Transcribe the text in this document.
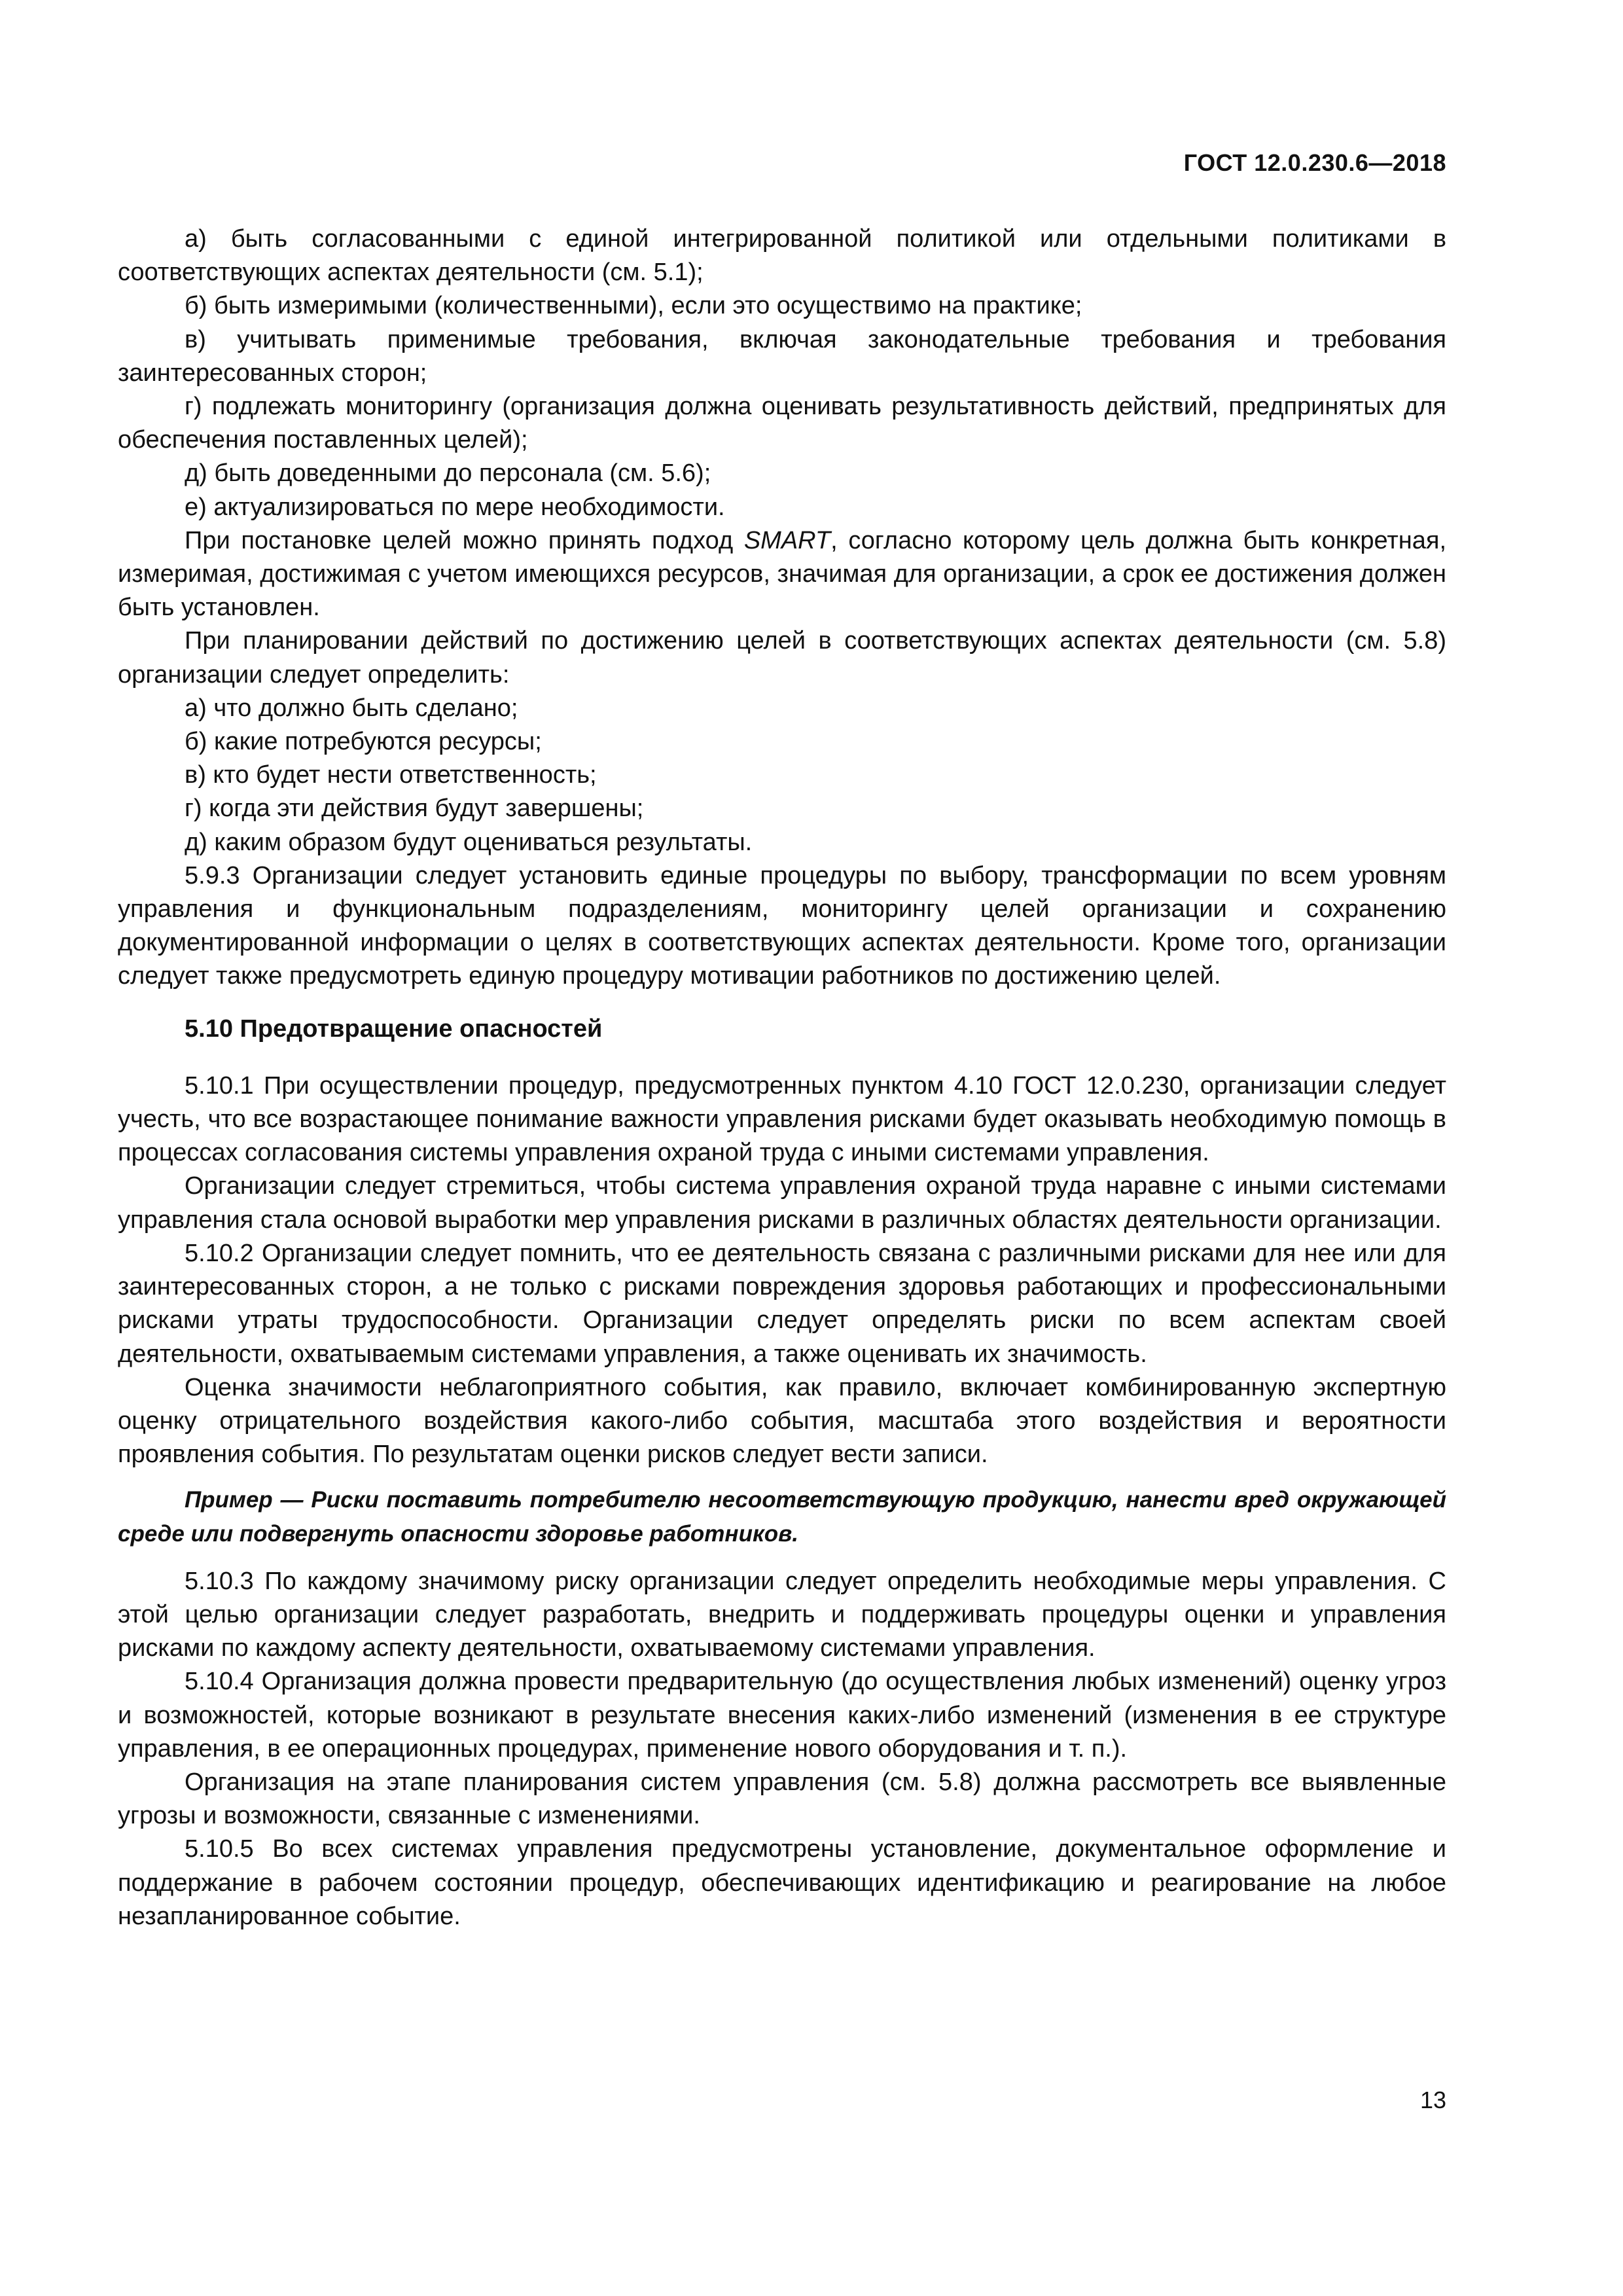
ГОСТ 12.0.230.6—2018

а) быть согласованными с единой интегрированной политикой или отдельными политиками в соответствующих аспектах деятельности (см. 5.1);

б) быть измеримыми (количественными), если это осуществимо на практике;

в) учитывать применимые требования, включая законодательные требования и требования заинтересованных сторон;

г) подлежать мониторингу (организация должна оценивать результативность действий, предпринятых для обеспечения поставленных целей);

д) быть доведенными до персонала (см. 5.6);

е) актуализироваться по мере необходимости.

При постановке целей можно принять подход SMART, согласно которому цель должна быть конкретная, измеримая, достижимая с учетом имеющихся ресурсов, значимая для организации, а срок ее достижения должен быть установлен.

При планировании действий по достижению целей в соответствующих аспектах деятельности (см. 5.8) организации следует определить:

а) что должно быть сделано;

б) какие потребуются ресурсы;

в) кто будет нести ответственность;

г) когда эти действия будут завершены;

д) каким образом будут оцениваться результаты.

5.9.3 Организации следует установить единые процедуры по выбору, трансформации по всем уровням управления и функциональным подразделениям, мониторингу целей организации и сохранению документированной информации о целях в соответствующих аспектах деятельности. Кроме того, организации следует также предусмотреть единую процедуру мотивации работников по достижению целей.

5.10 Предотвращение опасностей

5.10.1 При осуществлении процедур, предусмотренных пунктом 4.10 ГОСТ 12.0.230, организации следует учесть, что все возрастающее понимание важности управления рисками будет оказывать необходимую помощь в процессах согласования системы управления охраной труда с иными системами управления.

Организации следует стремиться, чтобы система управления охраной труда наравне с иными системами управления стала основой выработки мер управления рисками в различных областях деятельности организации.

5.10.2 Организации следует помнить, что ее деятельность связана с различными рисками для нее или для заинтересованных сторон, а не только с рисками повреждения здоровья работающих и профессиональными рисками утраты трудоспособности. Организации следует определять риски по всем аспектам своей деятельности, охватываемым системами управления, а также оценивать их значимость.

Оценка значимости неблагоприятного события, как правило, включает комбинированную экспертную оценку отрицательного воздействия какого-либо события, масштаба этого воздействия и вероятности проявления события. По результатам оценки рисков следует вести записи.

Пример — Риски поставить потребителю несоответствующую продукцию, нанести вред окружающей среде или подвергнуть опасности здоровье работников.

5.10.3 По каждому значимому риску организации следует определить необходимые меры управления. С этой целью организации следует разработать, внедрить и поддерживать процедуры оценки и управления рисками по каждому аспекту деятельности, охватываемому системами управления.

5.10.4 Организация должна провести предварительную (до осуществления любых изменений) оценку угроз и возможностей, которые возникают в результате внесения каких-либо изменений (изменения в ее структуре управления, в ее операционных процедурах, применение нового оборудования и т. п.).

Организация на этапе планирования систем управления (см. 5.8) должна рассмотреть все выявленные угрозы и возможности, связанные с изменениями.

5.10.5 Во всех системах управления предусмотрены установление, документальное оформление и поддержание в рабочем состоянии процедур, обеспечивающих идентификацию и реагирование на любое незапланированное событие.

13
